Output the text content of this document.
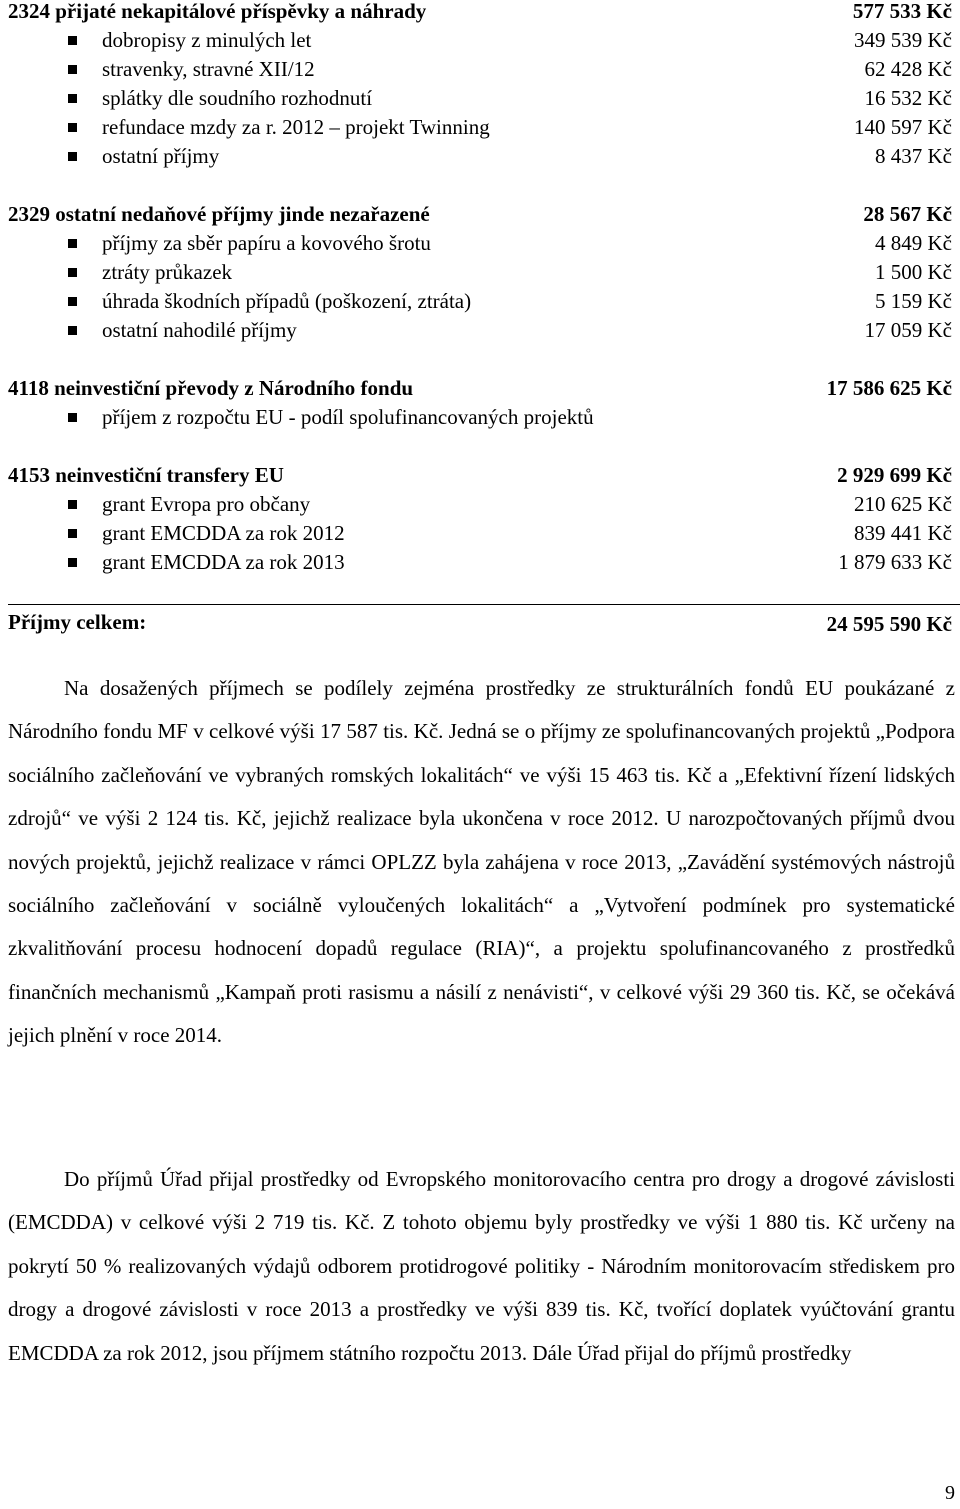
2324 přijaté nekapitálové příspěvky a náhrady	577 533 Kč
dobropisy z minulých let	349 539 Kč
stravenky, stravné XII/12	62 428 Kč
splátky dle soudního rozhodnutí	16 532 Kč
refundace mzdy za r. 2012 – projekt Twinning	140 597 Kč
ostatní příjmy	8 437 Kč
2329 ostatní nedaňové příjmy jinde nezařazené	28 567 Kč
příjmy za sběr papíru a kovového šrotu	4 849 Kč
ztráty průkazek	1 500 Kč
úhrada škodních případů (poškození, ztráta)	5 159 Kč
ostatní nahodilé příjmy	17 059 Kč
4118 neinvestiční převody z Národního fondu	17 586 625 Kč
příjem z rozpočtu EU - podíl spolufinancovaných projektů
4153 neinvestiční transfery EU	2 929 699 Kč
grant Evropa pro občany	210 625 Kč
grant EMCDDA za rok 2012	839 441 Kč
grant EMCDDA za rok 2013	1 879 633 Kč
Příjmy celkem:	24 595 590 Kč

Na dosažených příjmech se podílely zejména prostředky ze strukturálních fondů EU poukázané z Národního fondu MF v celkové výši 17 587 tis. Kč. Jedná se o příjmy ze spolufinancovaných projektů „Podpora sociálního začleňování ve vybraných romských lokalitách“ ve výši 15 463 tis. Kč a „Efektivní řízení lidských zdrojů“ ve výši 2 124 tis. Kč, jejichž realizace byla ukončena v roce 2012. U narozpočtovaných příjmů dvou nových projektů, jejichž realizace v rámci OPLZZ byla zahájena v roce 2013, „Zavádění systémových nástrojů sociálního začleňování v sociálně vyloučených lokalitách“ a „Vytvoření podmínek pro systematické zkvalitňování procesu hodnocení dopadů regulace (RIA)“, a projektu spolufinancovaného z prostředků finančních mechanismů „Kampaň proti rasismu a násilí z nenávisti“, v celkové výši 29 360 tis. Kč, se očekává jejich plnění v roce 2014.

Do příjmů Úřad přijal prostředky od Evropského monitorovacího centra pro drogy a drogové závislosti (EMCDDA) v celkové výši 2 719 tis. Kč. Z tohoto objemu byly prostředky ve výši 1 880 tis. Kč určeny na pokrytí 50 % realizovaných výdajů odborem protidrogové politiky - Národním monitorovacím střediskem pro drogy a drogové závislosti v roce 2013 a prostředky ve výši 839 tis. Kč, tvořící doplatek vyúčtování grantu EMCDDA za rok 2012, jsou příjmem státního rozpočtu 2013. Dále Úřad přijal do příjmů prostředky

9
